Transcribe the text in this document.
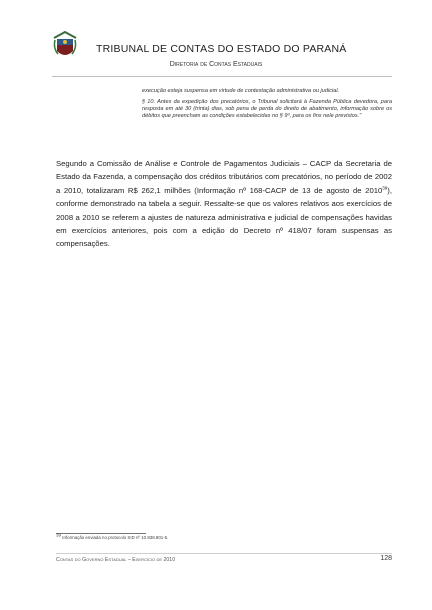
TRIBUNAL DE CONTAS DO ESTADO DO PARANÁ
Diretoria de Contas Estaduais

execução esteja suspensa em virtude de contestação administrativa ou judicial.

§ 10. Antes da expedição dos precatórios, o Tribunal solicitará à Fazenda Pública devedora, para resposta em até 30 (trinta) dias, sob pena de perda do direito de abatimento, informação sobre os débitos que preencham as condições estabelecidas no § 9º, para os fins nele previstos."

Segundo a Comissão de Análise e Controle de Pagamentos Judiciais – CACP da Secretaria de Estado da Fazenda, a compensação dos créditos tributários com precatórios, no período de 2002 a 2010, totalizaram R$ 262,1 milhões (Informação nº 168-CACP de 13 de agosto de 2010$^{39}$), conforme demonstrado na tabela a seguir. Ressalte-se que os valores relativos aos exercícios de 2008 a 2010 se referem a ajustes de natureza administrativa e judicial de compensações havidas em exercícios anteriores, pois com a edição do Decreto nº 418/07 foram suspensas as compensações.

$^{39}$ Informação enviada no protocolo SID nº 10.838.801-5.
Contas do Governo Estadual – Exercício de 2010	128
